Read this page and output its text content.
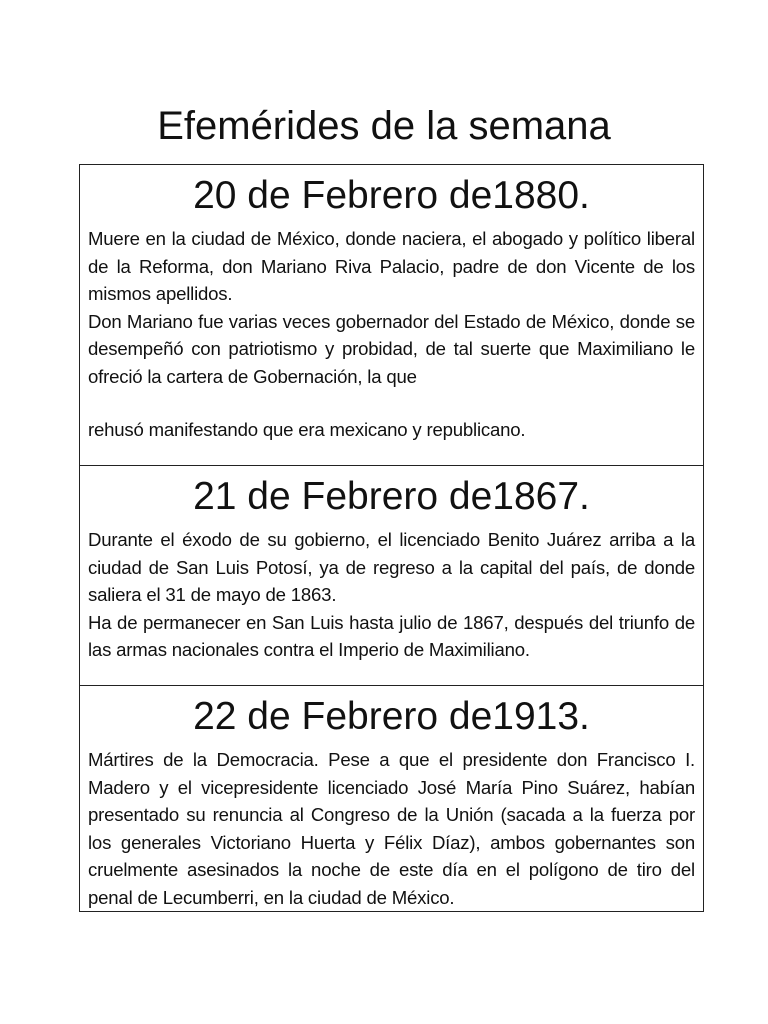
Efemérides de la semana
20 de Febrero de1880.

Muere en la ciudad de México, donde naciera, el abogado y político liberal de la Reforma, don Mariano Riva Palacio, padre de don Vicente de los mismos apellidos.

Don Mariano fue varias veces gobernador del Estado de México, donde se desempeñó con patriotismo y probidad, de tal suerte que Maximiliano le ofreció la cartera de Gobernación, la que

rehusó manifestando que era mexicano y republicano.

21 de Febrero de1867.

Durante el éxodo de su gobierno, el licenciado Benito Juárez arriba a la ciudad de San Luis Potosí, ya de regreso a la capital del país, de donde saliera el 31 de mayo de 1863.

Ha de permanecer en San Luis hasta julio de 1867, después del triunfo de las armas nacionales contra el Imperio de Maximiliano.

22 de Febrero de1913.

Mártires de la Democracia. Pese a que el presidente don Francisco I. Madero y el vicepresidente licenciado José María Pino Suárez, habían presentado su renuncia al Congreso de la Unión (sacada a la fuerza por los generales Victoriano Huerta y Félix Díaz), ambos gobernantes son cruelmente asesinados la noche de este día en el polígono de tiro del penal de Lecumberri, en la ciudad de México.
